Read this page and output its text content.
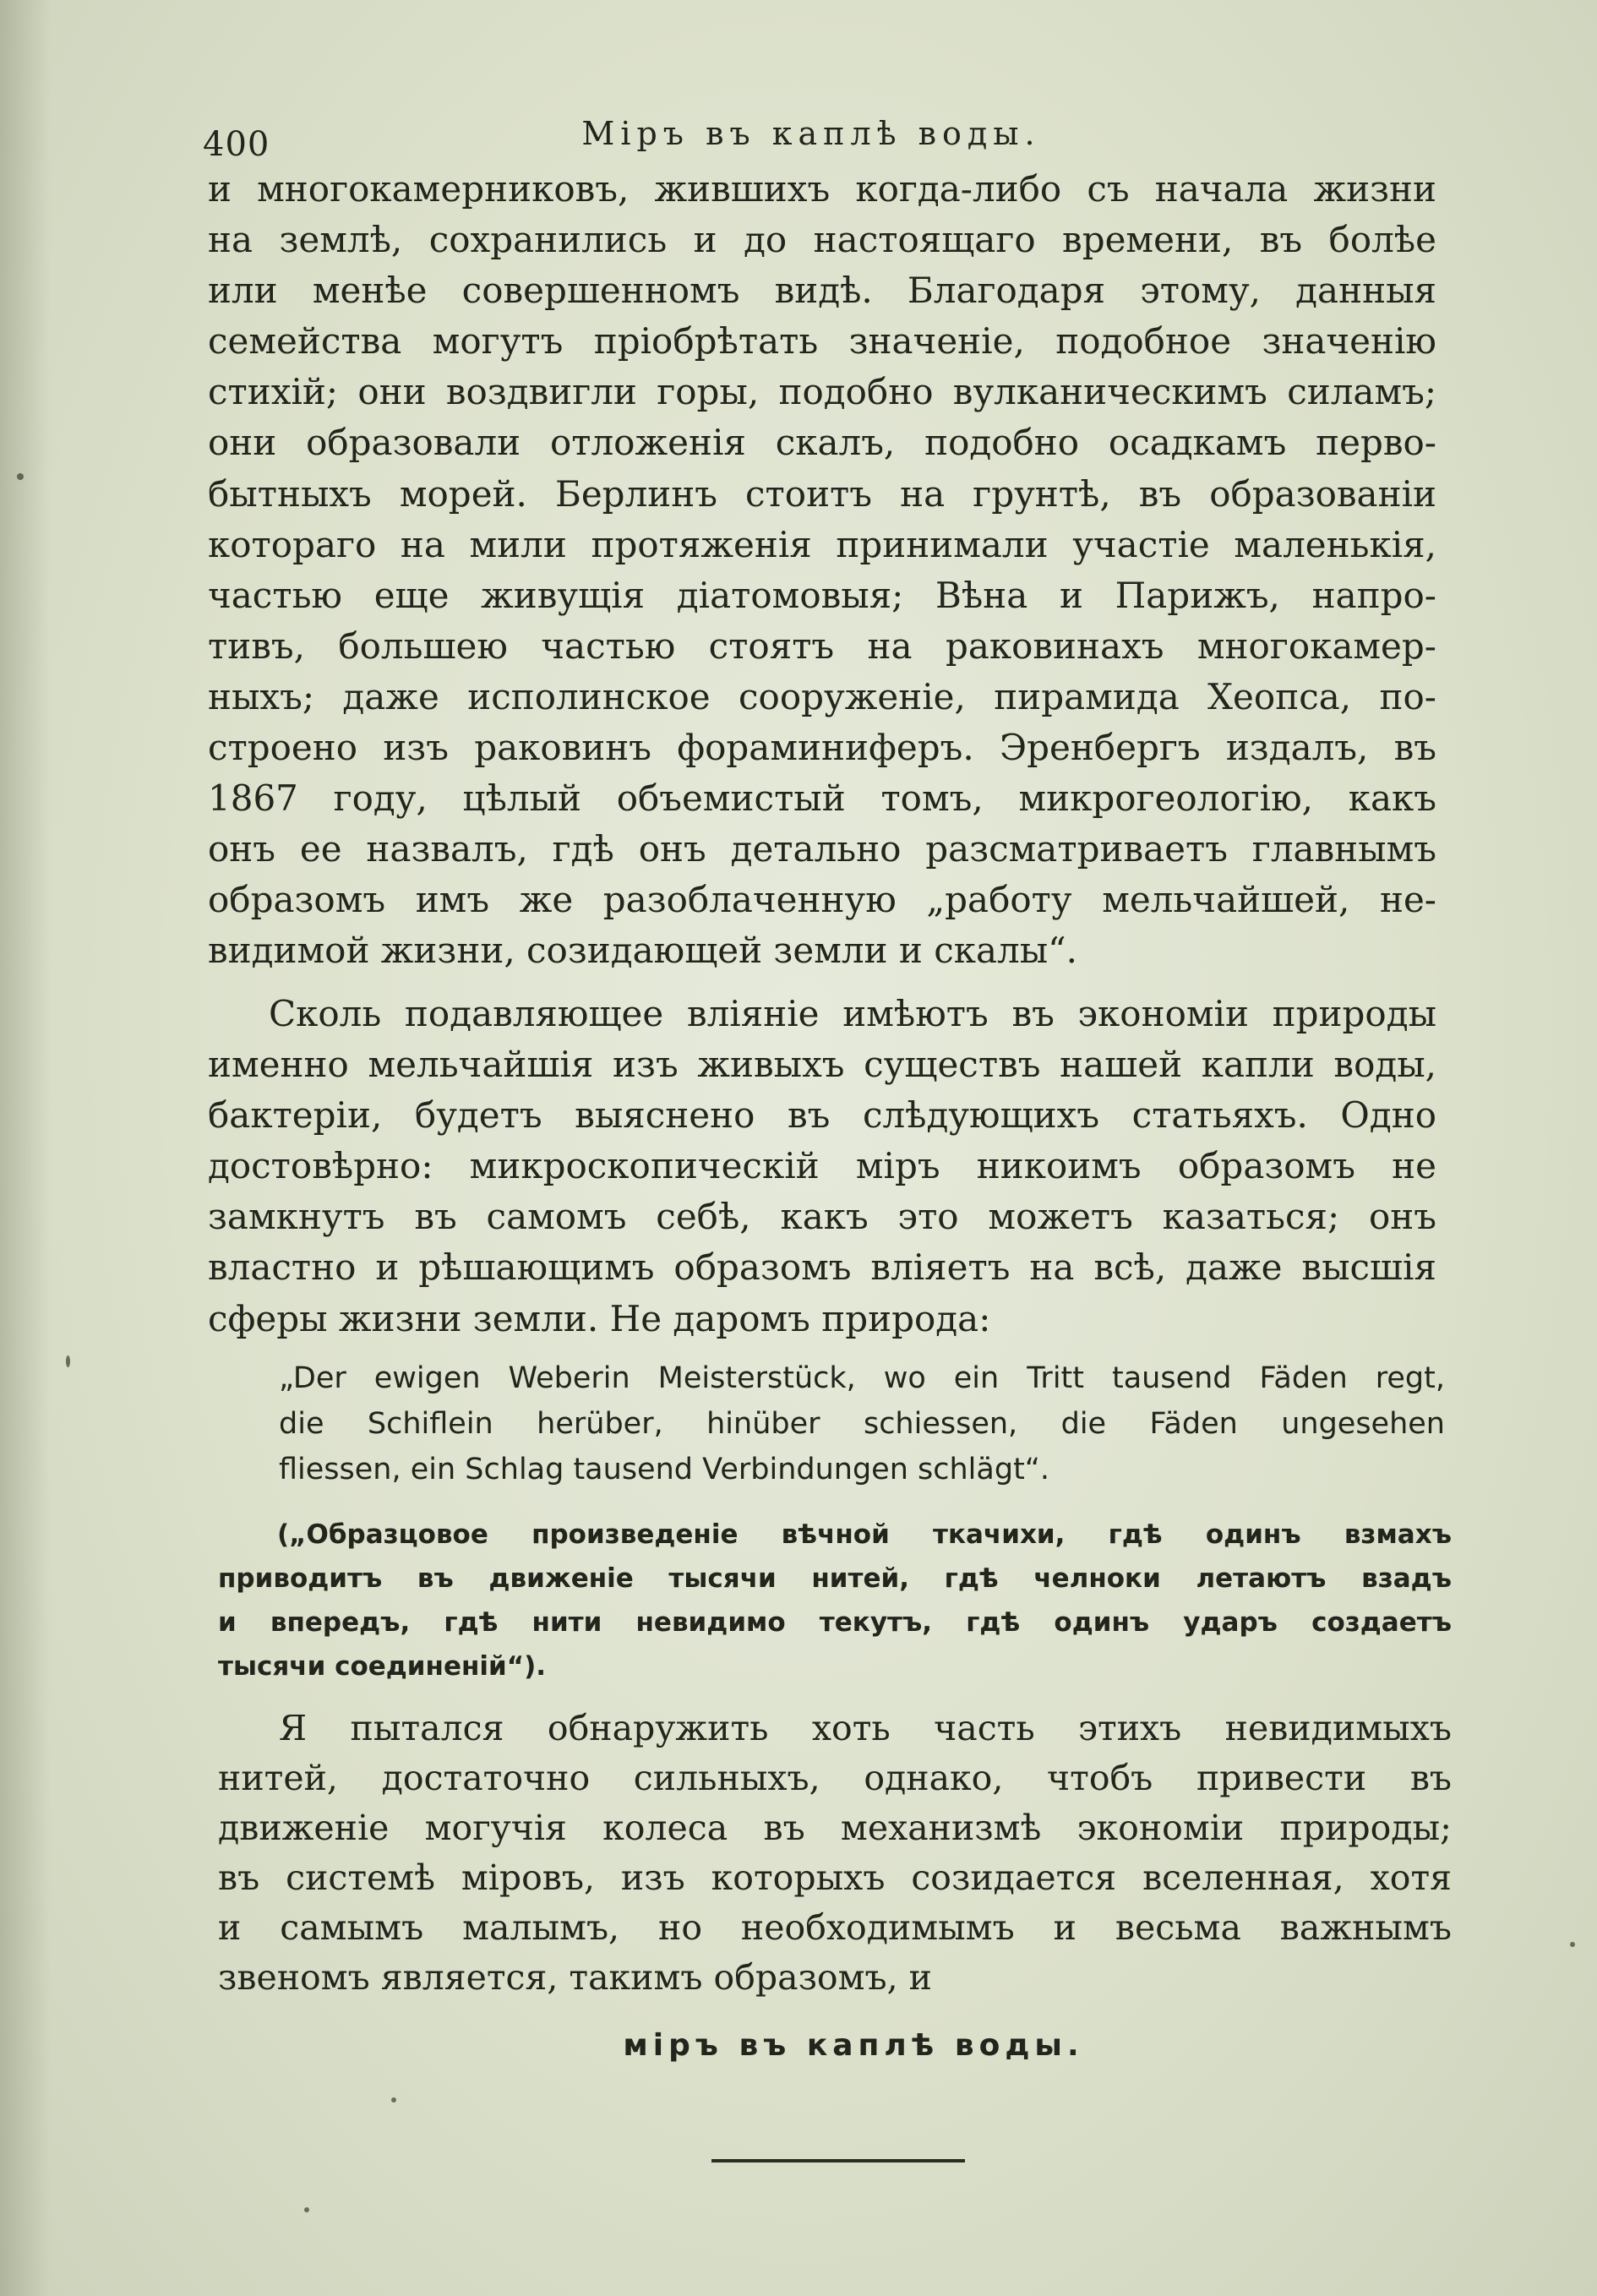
400	Міръ въ каплѣ воды.
и многокамерниковъ, жившихъ когда-либо съ начала жизни
на землѣ, сохранились и до настоящаго времени, въ болѣе
или менѣе совершенномъ видѣ. Благодаря этому, данныя
семейства могутъ пріобрѣтать значеніе, подобное значенію
стихій; они воздвигли горы, подобно вулканическимъ силамъ;
они образовали отложенія скалъ, подобно осадкамъ перво-
бытныхъ морей. Берлинъ стоитъ на грунтѣ, въ образованіи
котораго на мили протяженія принимали участіе маленькія,
частью еще живущія діатомовыя; Вѣна и Парижъ, напро-
тивъ, большею частью стоятъ на раковинахъ многокамер-
ныхъ; даже исполинское сооруженіе, пирамида Хеопса, по-
строено изъ раковинъ фораминиферъ. Эренбергъ издалъ, въ
1867 году, цѣлый объемистый томъ, микрогеологію, какъ
онъ ее назвалъ, гдѣ онъ детально разсматриваетъ главнымъ
образомъ имъ же разоблаченную „работу мельчайшей, не-
видимой жизни, созидающей земли и скалы“.
Сколь подавляющее вліяніе имѣютъ въ экономіи природы
именно мельчайшія изъ живыхъ существъ нашей капли воды,
бактеріи, будетъ выяснено въ слѣдующихъ статьяхъ. Одно
достовѣрно: микроскопическій міръ никоимъ образомъ не
замкнутъ въ самомъ себѣ, какъ это можетъ казаться; онъ
властно и рѣшающимъ образомъ вліяетъ на всѣ, даже высшія
сферы жизни земли. Не даромъ природа:
„Der ewigen Weberin Meisterstück, wo ein Tritt tausend Fäden regt,
die Schiflein herüber, hinüber schiessen, die Fäden ungesehen
fliessen, ein Schlag tausend Verbindungen schlägt“.
(„Образцовое произведеніе вѣчной ткачихи, гдѣ одинъ взмахъ
приводитъ въ движеніе тысячи нитей, гдѣ челноки летаютъ взадъ
и впередъ, гдѣ нити невидимо текутъ, гдѣ одинъ ударъ создаетъ
тысячи соединеній“).
Я пытался обнаружить хоть часть этихъ невидимыхъ
нитей, достаточно сильныхъ, однако, чтобъ привести въ
движеніе могучія колеса въ механизмѣ экономіи природы;
въ системѣ міровъ, изъ которыхъ созидается вселенная, хотя
и самымъ малымъ, но необходимымъ и весьма важнымъ
звеномъ является, такимъ образомъ, и
міръ въ каплѣ воды.
